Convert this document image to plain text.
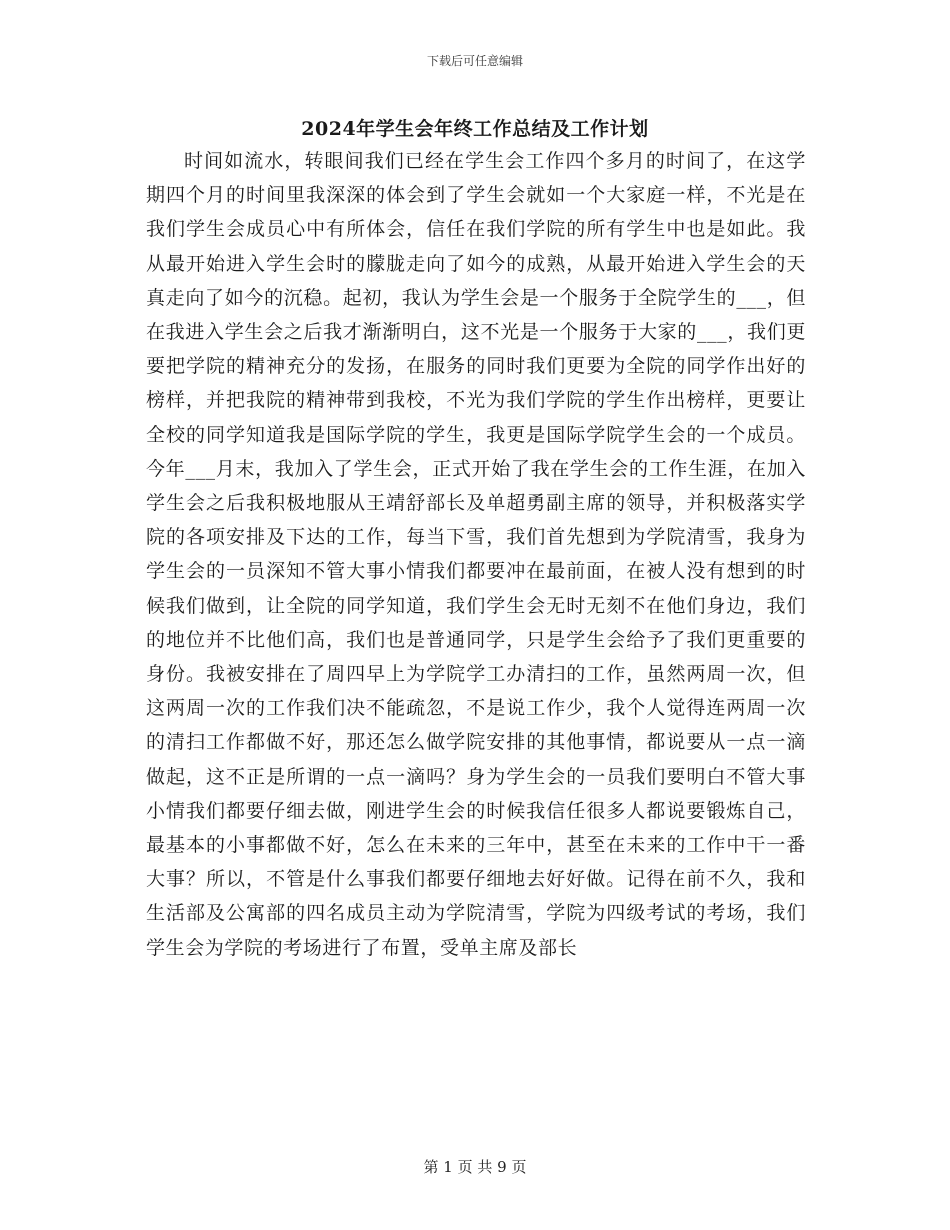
下载后可任意编辑
2024年学生会年终工作总结及工作计划

时间如流水，转眼间我们已经在学生会工作四个多月的时间了，在这学期四个月的时间里我深深的体会到了学生会就如一个大家庭一样，不光是在我们学生会成员心中有所体会，信任在我们学院的所有学生中也是如此。我从最开始进入学生会时的朦胧走向了如今的成熟，从最开始进入学生会的天真走向了如今的沉稳。起初，我认为学生会是一个服务于全院学生的___，但在我进入学生会之后我才渐渐明白，这不光是一个服务于大家的___，我们更要把学院的精神充分的发扬，在服务的同时我们更要为全院的同学作出好的榜样，并把我院的精神带到我校，不光为我们学院的学生作出榜样，更要让全校的同学知道我是国际学院的学生，我更是国际学院学生会的一个成员。今年___月末，我加入了学生会，正式开始了我在学生会的工作生涯，在加入学生会之后我积极地服从王靖舒部长及单超勇副主席的领导，并积极落实学院的各项安排及下达的工作，每当下雪，我们首先想到为学院清雪，我身为学生会的一员深知不管大事小情我们都要冲在最前面，在被人没有想到的时候我们做到，让全院的同学知道，我们学生会无时无刻不在他们身边，我们的地位并不比他们高，我们也是普通同学，只是学生会给予了我们更重要的身份。我被安排在了周四早上为学院学工办清扫的工作，虽然两周一次，但这两周一次的工作我们决不能疏忽，不是说工作少，我个人觉得连两周一次的清扫工作都做不好，那还怎么做学院安排的其他事情，都说要从一点一滴做起，这不正是所谓的一点一滴吗？身为学生会的一员我们要明白不管大事小情我们都要仔细去做，刚进学生会的时候我信任很多人都说要锻炼自己，最基本的小事都做不好，怎么在未来的三年中，甚至在未来的工作中干一番大事？所以，不管是什么事我们都要仔细地去好好做。记得在前不久，我和生活部及公寓部的四名成员主动为学院清雪，学院为四级考试的考场，我们学生会为学院的考场进行了布置，受单主席及部长

第 1 页 共 9 页
